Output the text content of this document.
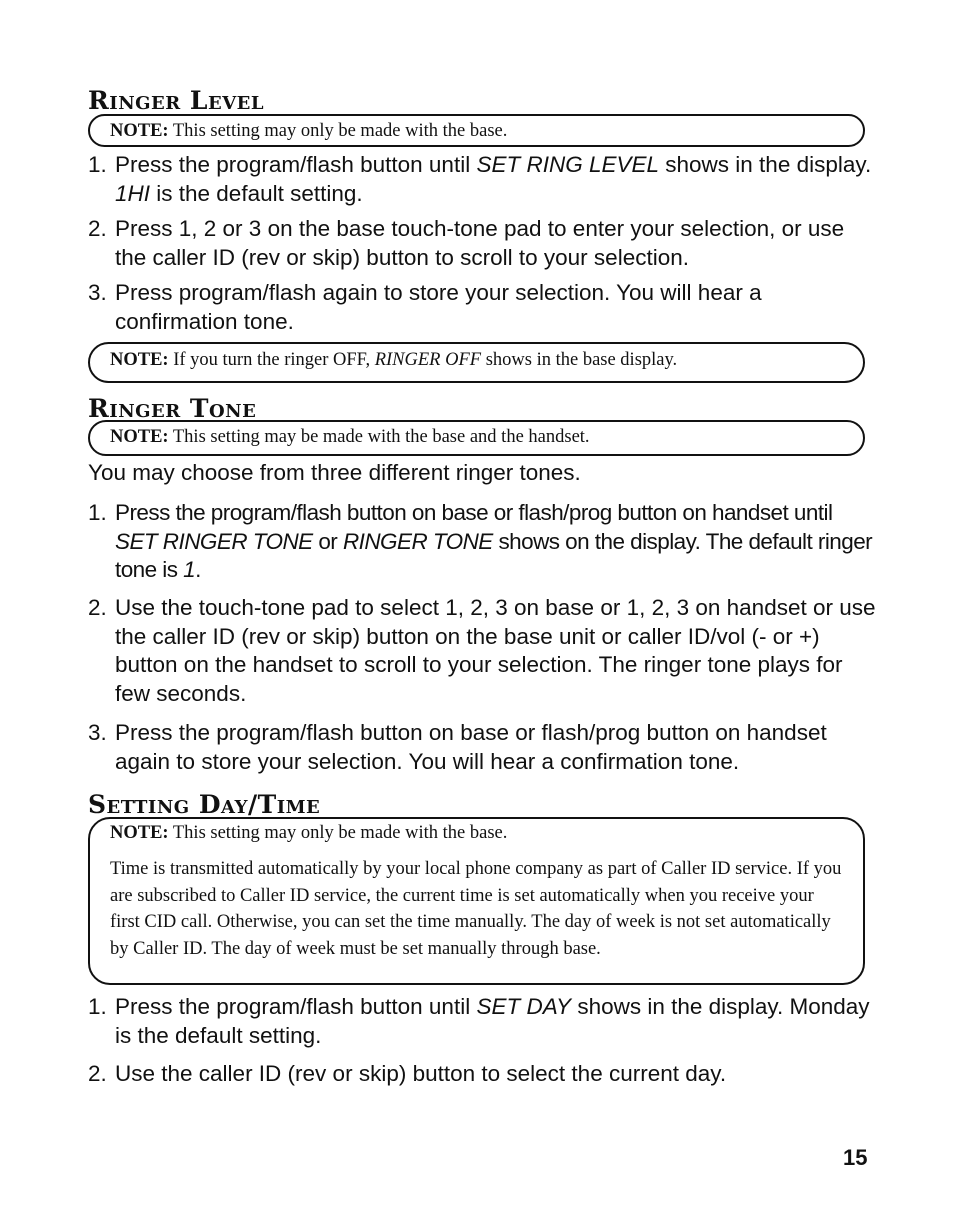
Ringer Level

NOTE: This setting may only be made with the base.

1. Press the program/flash button until SET RING LEVEL shows in the display. 1HI is the default setting.
2. Press 1, 2 or 3 on the base touch-tone pad to enter your selection, or use the caller ID (rev or skip) button to scroll to your selection.
3. Press program/flash again to store your selection. You will hear a confirmation tone.

NOTE: If you turn the ringer OFF, RINGER OFF shows in the base display.

Ringer Tone

NOTE: This setting may be made with the base and the handset.

You may choose from three different ringer tones.
1. Press the program/flash button on base or flash/prog button on handset until SET RINGER TONE or RINGER TONE shows on the display. The default ringer tone is 1.
2. Use the touch-tone pad to select 1, 2, 3 on base or 1, 2, 3 on handset or use the caller ID (rev or skip) button on the base unit or caller ID/vol (- or +) button on the handset to scroll to your selection. The ringer tone plays for few seconds.
3. Press the program/flash button on base or flash/prog button on handset again to store your selection. You will hear a confirmation tone.
Setting Day/Time

NOTE: This setting may only be made with the base.

Time is transmitted automatically by your local phone company as part of Caller ID service. If you are subscribed to Caller ID service, the current time is set automatically when you receive your first CID call. Otherwise, you can set the time manually. The day of week is not set automatically by Caller ID. The day of week must be set manually through base.

1. Press the program/flash button until SET DAY shows in the display. Monday is the default setting.
2. Use the caller ID (rev or skip) button to select the current day.
15
